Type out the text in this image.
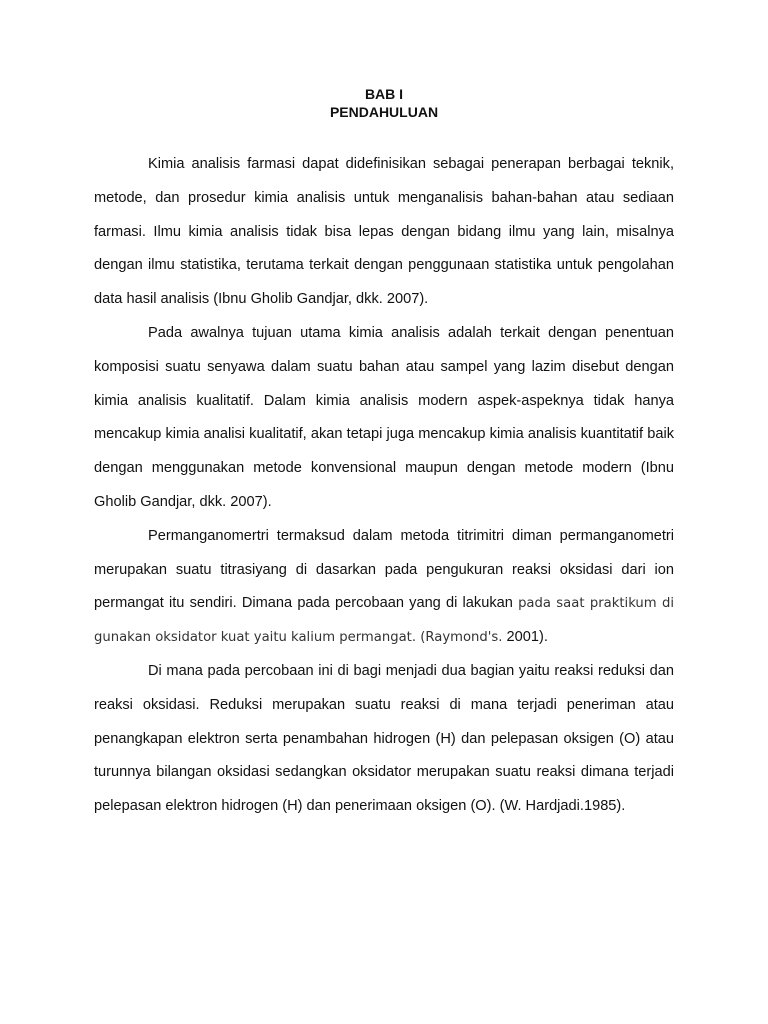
BAB I

PENDAHULUAN

Kimia analisis farmasi dapat didefinisikan sebagai penerapan berbagai teknik, metode, dan prosedur kimia analisis untuk menganalisis bahan-bahan atau sediaan farmasi. Ilmu kimia analisis tidak bisa lepas dengan bidang ilmu yang lain, misalnya dengan ilmu statistika, terutama terkait dengan penggunaan statistika untuk pengolahan data hasil analisis (Ibnu Gholib Gandjar, dkk. 2007).

Pada awalnya tujuan utama kimia analisis adalah terkait dengan penentuan komposisi suatu senyawa dalam suatu bahan atau sampel yang lazim disebut dengan kimia analisis kualitatif. Dalam kimia analisis modern aspek-aspeknya tidak hanya mencakup kimia analisi kualitatif, akan tetapi juga mencakup kimia analisis kuantitatif baik dengan menggunakan metode konvensional maupun dengan metode modern (Ibnu Gholib Gandjar, dkk. 2007).

Permanganomertri termaksud dalam metoda titrimitri diman permanganometri merupakan suatu titrasiyang di dasarkan pada pengukuran reaksi oksidasi dari ion permangat itu sendiri. Dimana pada percobaan yang di lakukan pada saat praktikum di gunakan oksidator kuat yaitu kalium permangat. (Raymond's. 2001).

Di mana pada percobaan ini di bagi menjadi dua bagian yaitu reaksi reduksi dan reaksi oksidasi. Reduksi merupakan suatu reaksi di mana terjadi peneriman atau penangkapan elektron serta penambahan hidrogen (H) dan pelepasan oksigen (O) atau turunnya bilangan oksidasi sedangkan oksidator merupakan suatu reaksi dimana terjadi pelepasan elektron hidrogen (H) dan penerimaan oksigen (O). (W. Hardjadi.1985).
